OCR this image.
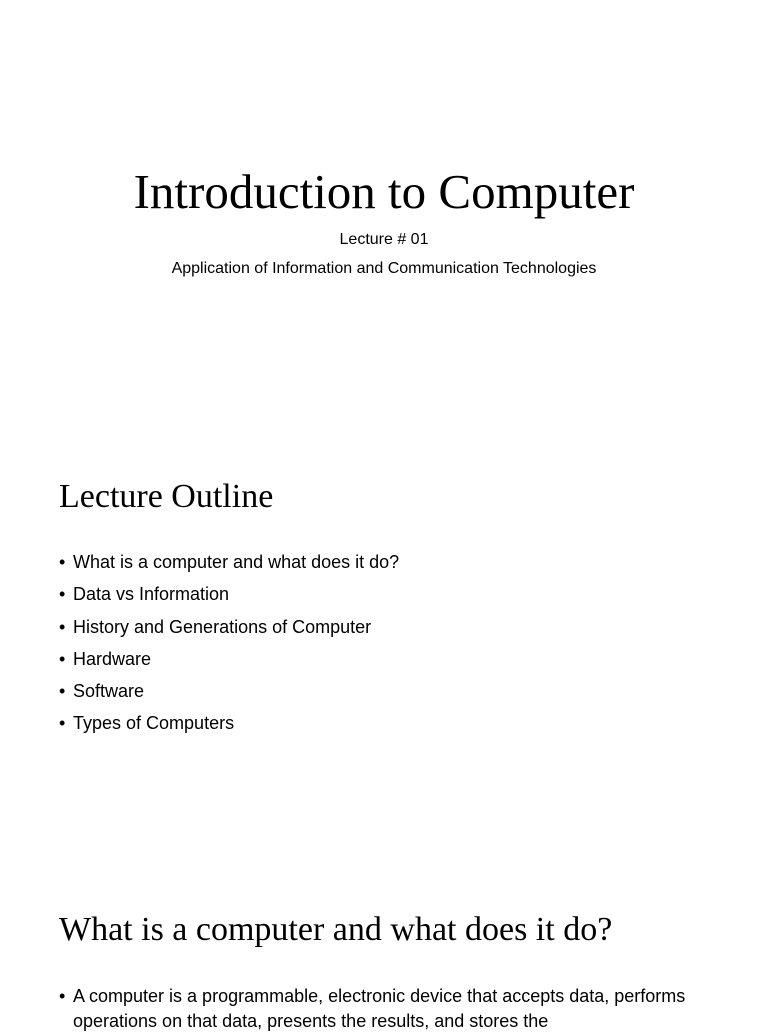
Introduction to Computer
Lecture # 01
Application of Information and Communication Technologies
Lecture Outline
• What is a computer and what does it do?
• Data vs Information
• History and Generations of Computer
• Hardware
• Software
• Types of Computers
What is a computer and what does it do?
• A computer is a programmable, electronic device that accepts data, performs operations on that data, presents the results, and stores the
